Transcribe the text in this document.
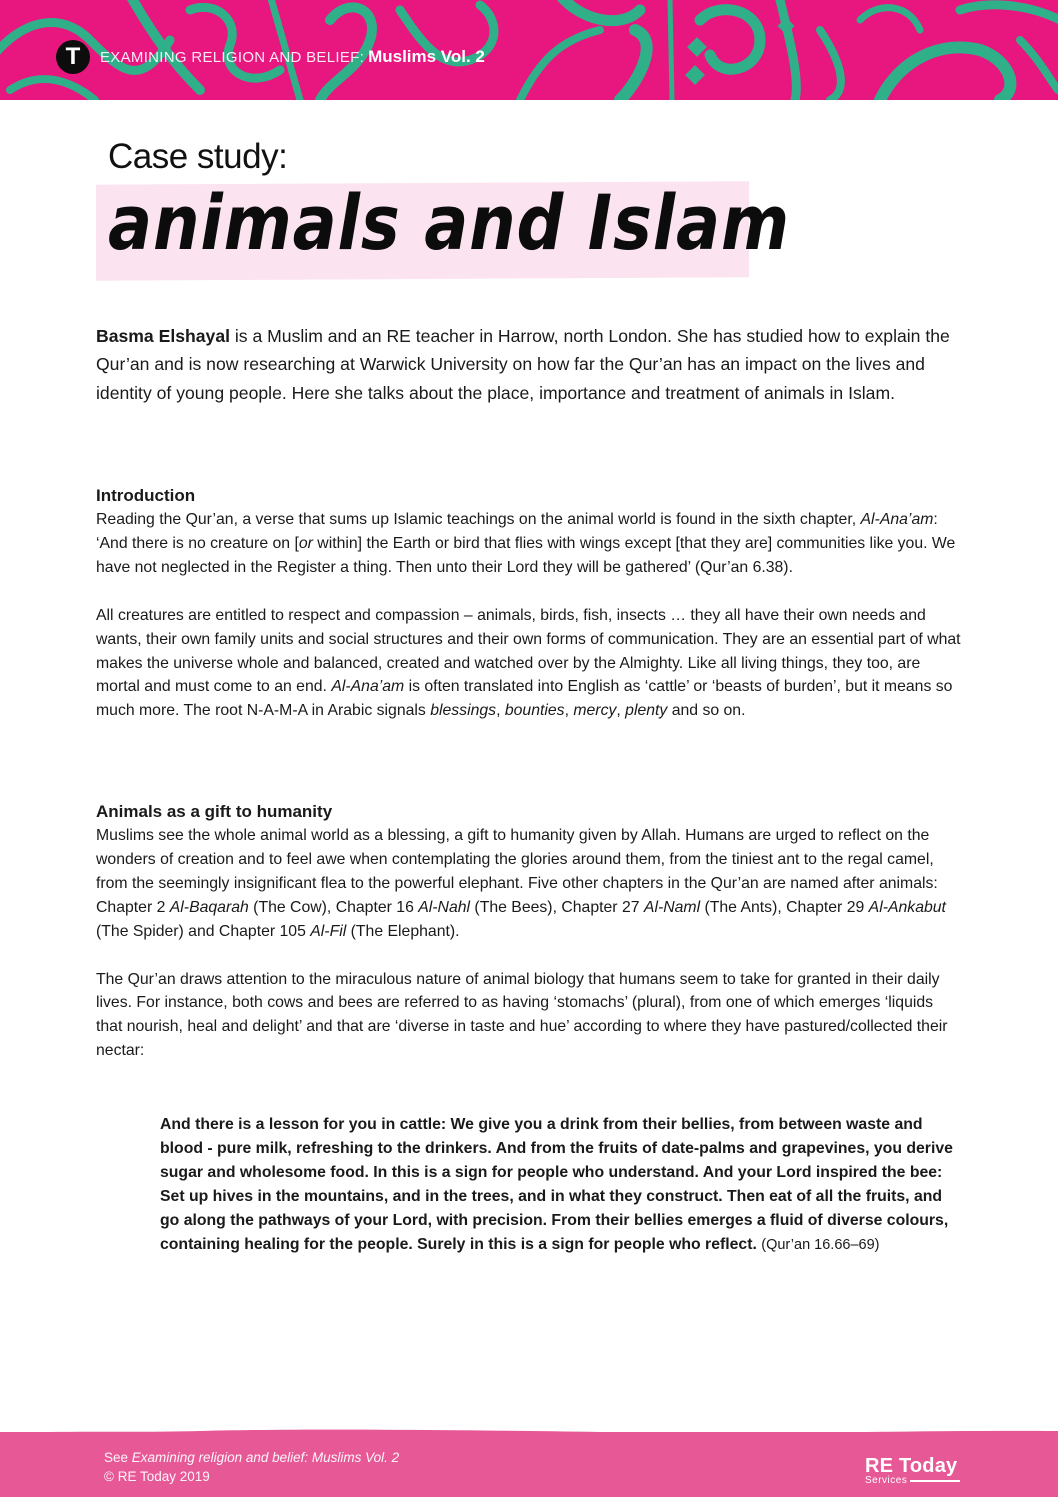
T	EXAMINING RELIGION AND BELIEF: Muslims Vol. 2
Case study:
animals and Islam

Basma Elshayal is a Muslim and an RE teacher in Harrow, north London. She has studied how to explain the Qur’an and is now researching at Warwick University on how far the Qur’an has an impact on the lives and identity of young people. Here she talks about the place, importance and treatment of animals in Islam.

Introduction

Reading the Qur’an, a verse that sums up Islamic teachings on the animal world is found in the sixth chapter, Al-Ana’am: ‘And there is no creature on [or within] the Earth or bird that flies with wings except [that they are] communities like you. We have not neglected in the Register a thing. Then unto their Lord they will be gathered’ (Qur’an 6.38).

All creatures are entitled to respect and compassion – animals, birds, fish, insects … they all have their own needs and wants, their own family units and social structures and their own forms of communication. They are an essential part of what makes the universe whole and balanced, created and watched over by the Almighty. Like all living things, they too, are mortal and must come to an end. Al-Ana’am is often translated into English as ‘cattle’ or ‘beasts of burden’, but it means so much more. The root N-A-M-A in Arabic signals blessings, bounties, mercy, plenty and so on.

Animals as a gift to humanity

Muslims see the whole animal world as a blessing, a gift to humanity given by Allah. Humans are urged to reflect on the wonders of creation and to feel awe when contemplating the glories around them, from the tiniest ant to the regal camel, from the seemingly insignificant flea to the powerful elephant. Five other chapters in the Qur’an are named after animals: Chapter 2 Al-Baqarah (The Cow), Chapter 16 Al-Nahl (The Bees), Chapter 27 Al-Naml (The Ants), Chapter 29 Al-Ankabut (The Spider) and Chapter 105 Al-Fil (The Elephant).

The Qur’an draws attention to the miraculous nature of animal biology that humans seem to take for granted in their daily lives. For instance, both cows and bees are referred to as having ‘stomachs’ (plural), from one of which emerges ‘liquids that nourish, heal and delight’ and that are ‘diverse in taste and hue’ according to where they have pastured/collected their nectar:

And there is a lesson for you in cattle: We give you a drink from their bellies, from between waste and blood - pure milk, refreshing to the drinkers. And from the fruits of date-palms and grapevines, you derive sugar and wholesome food. In this is a sign for people who understand. And your Lord inspired the bee: Set up hives in the mountains, and in the trees, and in what they construct. Then eat of all the fruits, and go along the pathways of your Lord, with precision. From their bellies emerges a fluid of diverse colours, containing healing for the people. Surely in this is a sign for people who reflect. (Qur’an 16.66–69)
See Examining religion and belief: Muslims Vol. 2
© RE Today 2019	RE Today
Services
